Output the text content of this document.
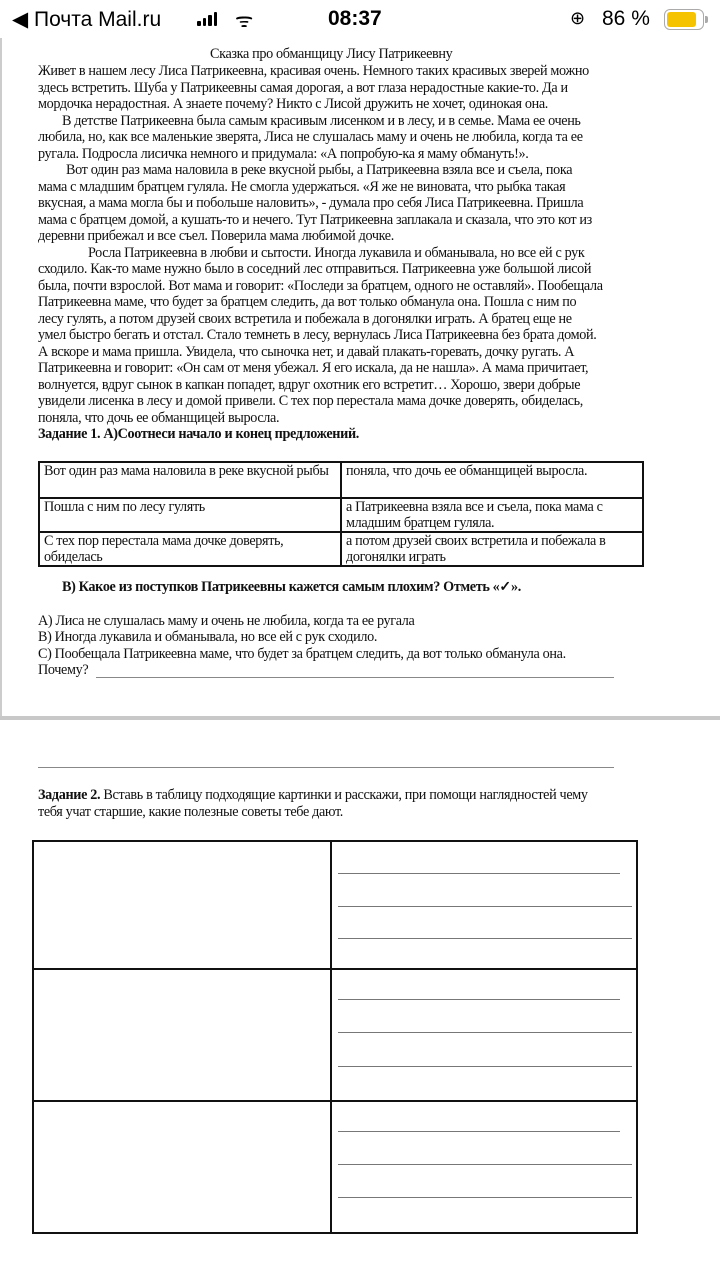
◀ Почта Mail.ru	ᯤ	08:37	⊕ 86 %
Сказка про обманщицу Лису Патрикеевну
Живет в нашем лесу Лиса Патрикеевна, красивая очень. Немного таких красивых зверей можно
здесь встретить. Шуба у Патрикеевны самая дорогая, а вот глаза нерадостные какие-то. Да и
мордочка нерадостная. А знаете почему? Никто с Лисой дружить не хочет, одинокая она.
В детстве Патрикеевна была самым красивым лисенком и в лесу, и в семье. Мама ее очень
любила, но, как все маленькие зверята, Лиса не слушалась маму и очень не любила, когда та ее
ругала. Подросла лисичка немного и придумала: «А попробую-ка я маму обмануть!».
Вот один раз мама наловила в реке вкусной рыбы, а Патрикеевна взяла все и съела, пока
мама с младшим братцем гуляла. Не смогла удержаться. «Я же не виновата, что рыбка такая
вкусная, а мама могла бы и побольше наловить», - думала про себя Лиса Патрикеевна. Пришла
мама с братцем домой, а кушать-то и нечего. Тут Патрикеевна заплакала и сказала, что это кот из
деревни прибежал и все съел. Поверила мама любимой дочке.
Росла Патрикеевна в любви и сытости. Иногда лукавила и обманывала, но все ей с рук
сходило. Как-то маме нужно было в соседний лес отправиться. Патрикеевна уже большой лисой
была, почти взрослой. Вот мама и говорит: «Последи за братцем, одного не оставляй». Пообещала
Патрикеевна маме, что будет за братцем следить, да вот только обманула она. Пошла с ним по
лесу гулять, а потом друзей своих встретила и побежала в догонялки играть. А братец еще не
умел быстро бегать и отстал. Стало темнеть в лесу, вернулась Лиса Патрикеевна без брата домой.
А вскоре и мама пришла. Увидела, что сыночка нет, и давай плакать-горевать, дочку ругать. А
Патрикеевна и говорит: «Он сам от меня убежал. Я его искала, да не нашла». А мама причитает,
волнуется, вдруг сынок в капкан попадет, вдруг охотник его встретит… Хорошо, звери добрые
увидели лисенка в лесу и домой привели. С тех пор перестала мама дочке доверять, обиделась,
поняла, что дочь ее обманщицей выросла.
Задание 1. А)Соотнеси начало и конец предложений.
Вот один раз мама наловила в реке вкусной рыбы	поняла, что дочь ее обманщицей выросла.
Пошла с ним по лесу гулять	а Патрикеевна взяла все и съела, пока мама с младшим братцем гуляла.
С тех пор перестала мама дочке доверять, обиделась	а потом друзей своих встретила и побежала в догонялки играть
В) Какое из поступков Патрикеевны кажется самым плохим? Отметь «✓».
А) Лиса не слушалась маму и очень не любила, когда та ее ругала
В) Иногда лукавила и обманывала, но все ей с рук сходило.
С) Пообещала Патрикеевна маме, что будет за братцем следить, да вот только обманула она.
Почему?
Задание 2. Вставь в таблицу подходящие картинки и расскажи, при помощи наглядностей чему
тебя учат старшие, какие полезные советы тебе дают.
